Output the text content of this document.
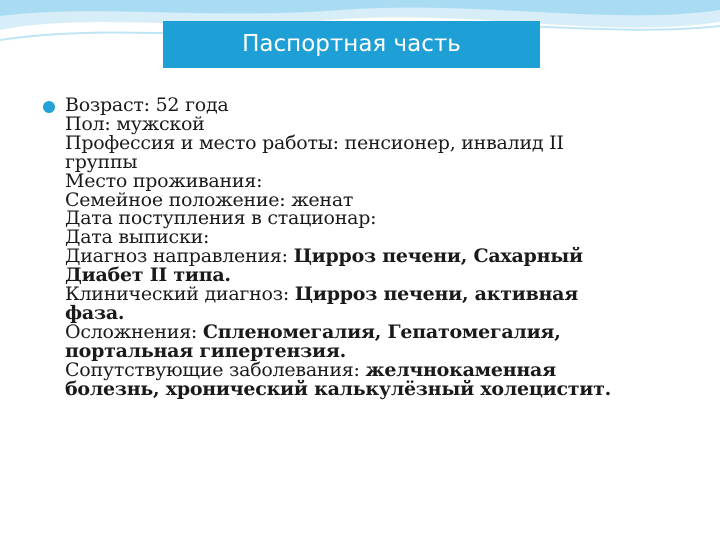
Паспортная часть
Возраст: 52 года
Пол: мужской
Профессия и место работы: пенсионер, инвалид II
группы
Место проживания:
Семейное положение: женат
Дата поступления в стационар:
Дата выписки:
Диагноз направления: Цирроз печени, Сахарный
Диабет II типа.
Клинический диагноз: Цирроз печени, активная
фаза.
Осложнения: Спленомегалия, Гепатомегалия,
портальная гипертензия.
Сопутствующие заболевания: желчнокаменная
болезнь, хронический калькулёзный холецистит.
